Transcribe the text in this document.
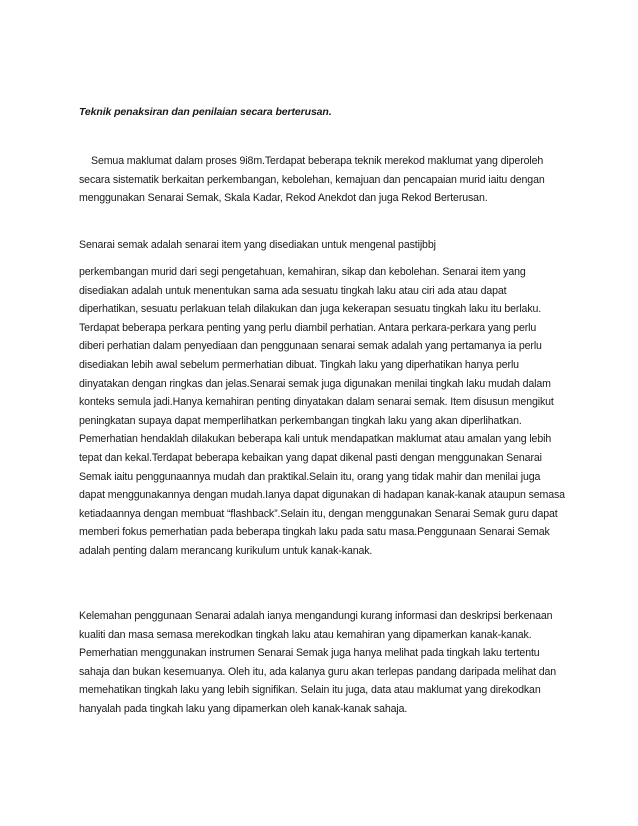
Teknik penaksiran dan penilaian secara berterusan.
Semua maklumat dalam proses 9i8m.Terdapat beberapa teknik merekod maklumat yang diperoleh
secara sistematik berkaitan perkembangan, kebolehan, kemajuan dan pencapaian murid iaitu dengan
menggunakan Senarai Semak, Skala Kadar, Rekod Anekdot dan juga Rekod Berterusan.
Senarai semak adalah senarai item yang disediakan untuk mengenal pastijbbj
perkembangan murid dari segi pengetahuan, kemahiran, sikap dan kebolehan. Senarai item yang
disediakan adalah untuk menentukan sama ada sesuatu tingkah laku atau ciri ada atau dapat
diperhatikan, sesuatu perlakuan telah dilakukan dan juga kekerapan sesuatu tingkah laku itu berlaku.
Terdapat beberapa perkara penting yang perlu diambil perhatian. Antara perkara-perkara yang perlu
diberi perhatian dalam penyediaan dan penggunaan senarai semak adalah yang pertamanya ia perlu
disediakan lebih awal sebelum permerhatian dibuat. Tingkah laku yang diperhatikan hanya perlu
dinyatakan dengan ringkas dan jelas.Senarai semak juga digunakan menilai tingkah laku mudah dalam
konteks semula jadi.Hanya kemahiran penting dinyatakan dalam senarai semak. Item disusun mengikut
peningkatan supaya dapat memperlihatkan perkembangan tingkah laku yang akan diperlihatkan.
Pemerhatian hendaklah dilakukan beberapa kali untuk mendapatkan maklumat atau amalan yang lebih
tepat dan kekal.Terdapat beberapa kebaikan yang dapat dikenal pasti dengan menggunakan Senarai
Semak iaitu penggunaannya mudah dan praktikal.Selain itu, orang yang tidak mahir dan menilai juga
dapat menggunakannya dengan mudah.Ianya dapat digunakan di hadapan kanak-kanak ataupun semasa
ketiadaannya dengan membuat “flashback”.Selain itu, dengan menggunakan Senarai Semak guru dapat
memberi fokus pemerhatian pada beberapa tingkah laku pada satu masa.Penggunaan Senarai Semak
adalah penting dalam merancang kurikulum untuk kanak-kanak.
Kelemahan penggunaan Senarai adalah ianya mengandungi kurang informasi dan deskripsi berkenaan
kualiti dan masa semasa merekodkan tingkah laku atau kemahiran yang dipamerkan kanak-kanak.
Pemerhatian menggunakan instrumen Senarai Semak juga hanya melihat pada tingkah laku tertentu
sahaja dan bukan kesemuanya. Oleh itu, ada kalanya guru akan terlepas pandang daripada melihat dan
memehatikan tingkah laku yang lebih signifikan. Selain itu juga, data atau maklumat yang direkodkan
hanyalah pada tingkah laku yang dipamerkan oleh kanak-kanak sahaja.
